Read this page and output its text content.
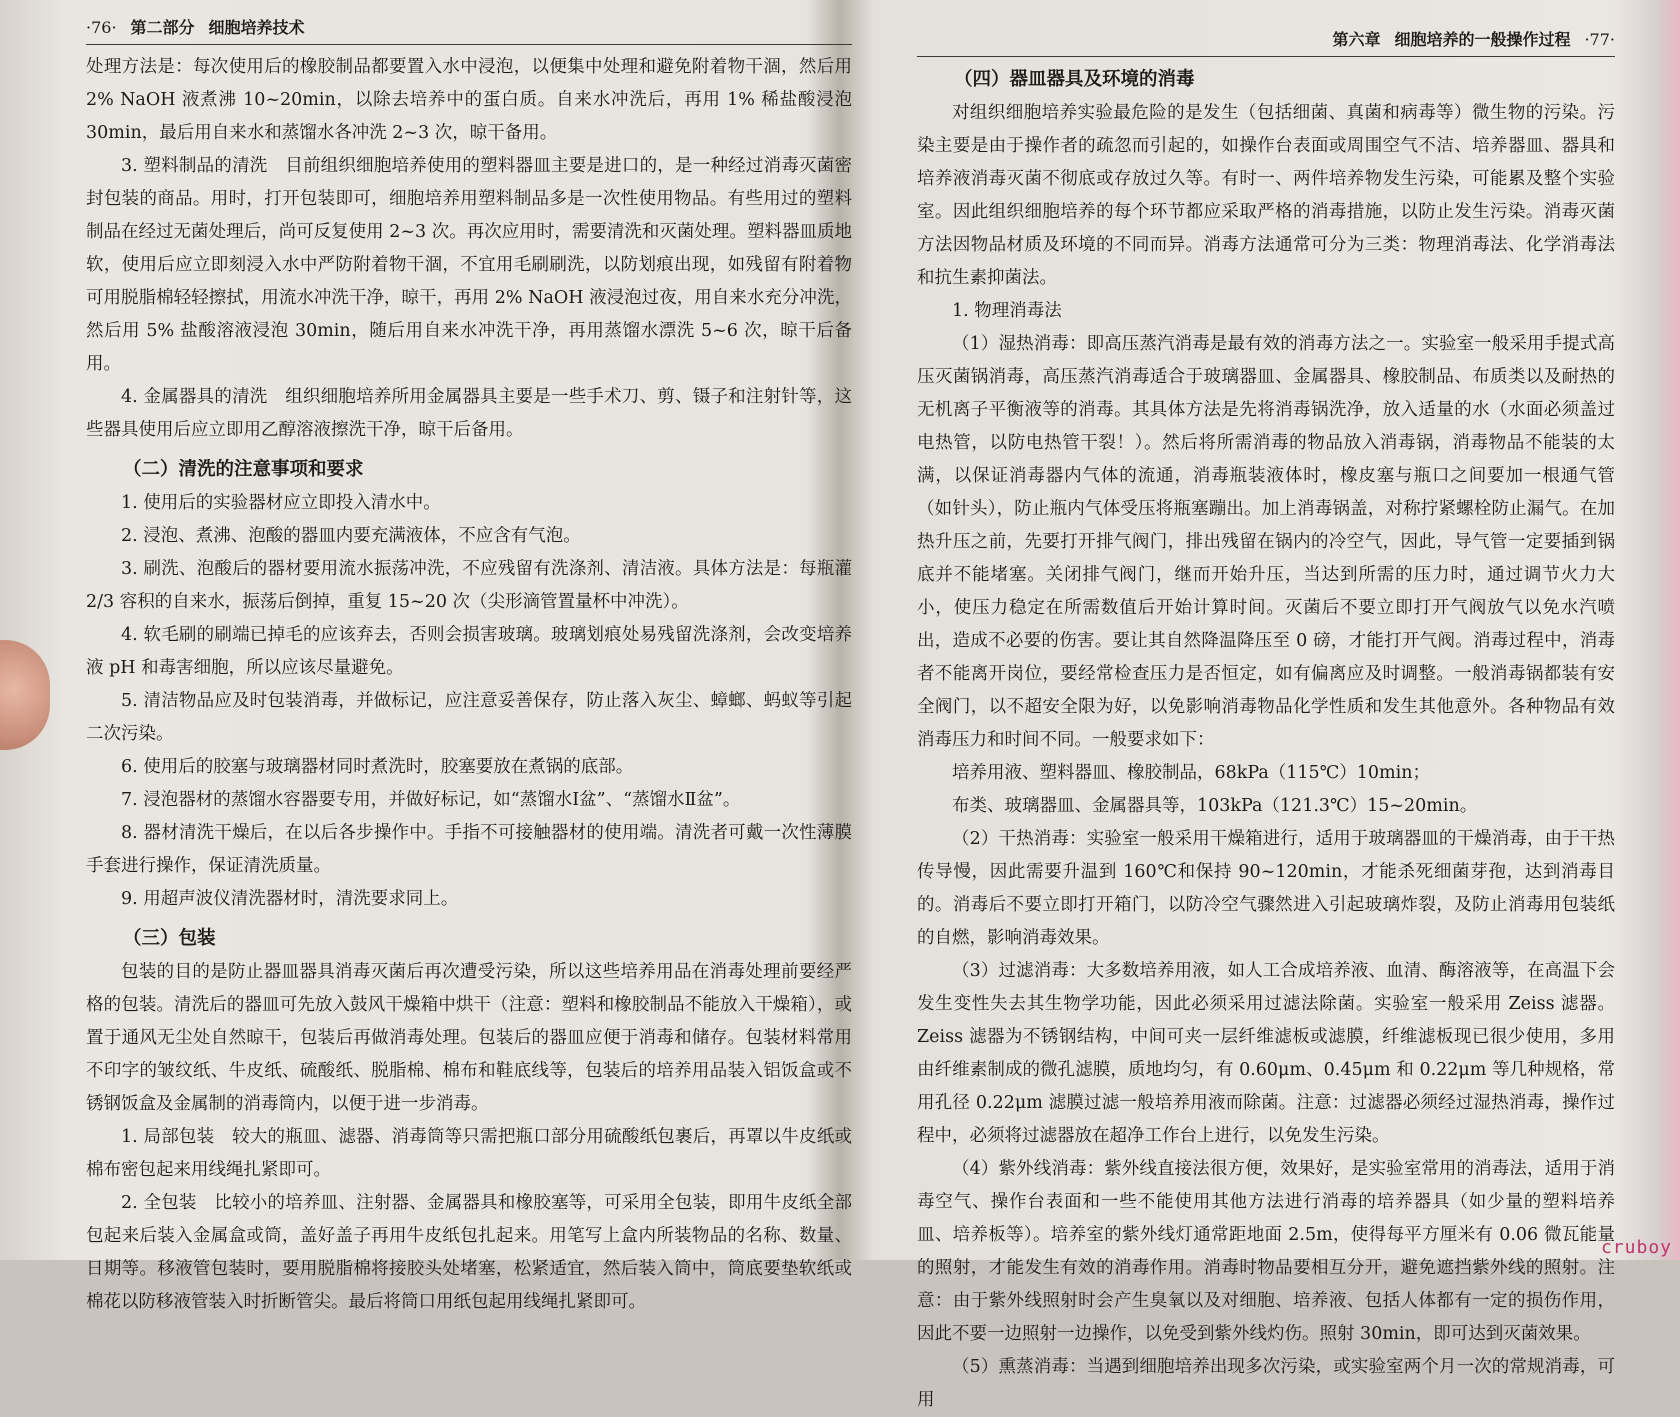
·76· 第二部分 细胞培养技术

处理方法是：每次使用后的橡胶制品都要置入水中浸泡，以便集中处理和避免附着物干涸，然后用 2% NaOH 液煮沸 10~20min，以除去培养中的蛋白质。自来水冲洗后，再用 1% 稀盐酸浸泡 30min，最后用自来水和蒸馏水各冲洗 2~3 次，晾干备用。

3. 塑料制品的清洗　目前组织细胞培养使用的塑料器皿主要是进口的，是一种经过消毒灭菌密封包装的商品。用时，打开包装即可，细胞培养用塑料制品多是一次性使用物品。有些用过的塑料制品在经过无菌处理后，尚可反复使用 2~3 次。再次应用时，需要清洗和灭菌处理。塑料器皿质地软，使用后应立即刻浸入水中严防附着物干涸，不宜用毛刷刷洗，以防划痕出现，如残留有附着物可用脱脂棉轻轻擦拭，用流水冲洗干净，晾干，再用 2% NaOH 液浸泡过夜，用自来水充分冲洗，然后用 5% 盐酸溶液浸泡 30min，随后用自来水冲洗干净，再用蒸馏水漂洗 5~6 次，晾干后备用。

4. 金属器具的清洗　组织细胞培养所用金属器具主要是一些手术刀、剪、镊子和注射针等，这些器具使用后应立即用乙醇溶液擦洗干净，晾干后备用。

（二）清洗的注意事项和要求

1. 使用后的实验器材应立即投入清水中。

2. 浸泡、煮沸、泡酸的器皿内要充满液体，不应含有气泡。

3. 刷洗、泡酸后的器材要用流水振荡冲洗，不应残留有洗涤剂、清洁液。具体方法是：每瓶灌 2/3 容积的自来水，振荡后倒掉，重复 15~20 次（尖形滴管置量杯中冲洗）。

4. 软毛刷的刷端已掉毛的应该弃去，否则会损害玻璃。玻璃划痕处易残留洗涤剂，会改变培养液 pH 和毒害细胞，所以应该尽量避免。

5. 清洁物品应及时包装消毒，并做标记，应注意妥善保存，防止落入灰尘、蟑螂、蚂蚁等引起二次污染。

6. 使用后的胶塞与玻璃器材同时煮洗时，胶塞要放在煮锅的底部。

7. 浸泡器材的蒸馏水容器要专用，并做好标记，如“蒸馏水Ⅰ盆”、“蒸馏水Ⅱ盆”。

8. 器材清洗干燥后，在以后各步操作中。手指不可接触器材的使用端。清洗者可戴一次性薄膜手套进行操作，保证清洗质量。

9. 用超声波仪清洗器材时，清洗要求同上。

（三）包装

包装的目的是防止器皿器具消毒灭菌后再次遭受污染，所以这些培养用品在消毒处理前要经严格的包装。清洗后的器皿可先放入鼓风干燥箱中烘干（注意：塑料和橡胶制品不能放入干燥箱），或置于通风无尘处自然晾干，包装后再做消毒处理。包装后的器皿应便于消毒和储存。包装材料常用不印字的皱纹纸、牛皮纸、硫酸纸、脱脂棉、棉布和鞋底线等，包装后的培养用品装入铝饭盒或不锈钢饭盒及金属制的消毒筒内，以便于进一步消毒。

1. 局部包装　较大的瓶皿、滤器、消毒筒等只需把瓶口部分用硫酸纸包裹后，再罩以牛皮纸或棉布密包起来用线绳扎紧即可。

2. 全包装　比较小的培养皿、注射器、金属器具和橡胶塞等，可采用全包装，即用牛皮纸全部包起来后装入金属盒或筒，盖好盖子再用牛皮纸包扎起来。用笔写上盒内所装物品的名称、数量、日期等。移液管包装时，要用脱脂棉将接胶头处堵塞，松紧适宜，然后装入筒中，筒底要垫软纸或棉花以防移液管装入时折断管尖。最后将筒口用纸包起用线绳扎紧即可。

第六章 细胞培养的一般操作过程 ·77·
（四）器皿器具及环境的消毒

对组织细胞培养实验最危险的是发生（包括细菌、真菌和病毒等）微生物的污染。污染主要是由于操作者的疏忽而引起的，如操作台表面或周围空气不洁、培养器皿、器具和培养液消毒灭菌不彻底或存放过久等。有时一、两件培养物发生污染，可能累及整个实验室。因此组织细胞培养的每个环节都应采取严格的消毒措施，以防止发生污染。消毒灭菌方法因物品材质及环境的不同而异。消毒方法通常可分为三类：物理消毒法、化学消毒法和抗生素抑菌法。

1. 物理消毒法

（1）湿热消毒：即高压蒸汽消毒是最有效的消毒方法之一。实验室一般采用手提式高压灭菌锅消毒，高压蒸汽消毒适合于玻璃器皿、金属器具、橡胶制品、布质类以及耐热的无机离子平衡液等的消毒。其具体方法是先将消毒锅洗净，放入适量的水（水面必须盖过电热管，以防电热管干裂！）。然后将所需消毒的物品放入消毒锅，消毒物品不能装的太满，以保证消毒器内气体的流通，消毒瓶装液体时，橡皮塞与瓶口之间要加一根通气管（如针头），防止瓶内气体受压将瓶塞蹦出。加上消毒锅盖，对称拧紧螺栓防止漏气。在加热升压之前，先要打开排气阀门，排出残留在锅内的冷空气，因此，导气管一定要插到锅底并不能堵塞。关闭排气阀门，继而开始升压，当达到所需的压力时，通过调节火力大小，使压力稳定在所需数值后开始计算时间。灭菌后不要立即打开气阀放气以免水汽喷出，造成不必要的伤害。要让其自然降温降压至 0 磅，才能打开气阀。消毒过程中，消毒者不能离开岗位，要经常检查压力是否恒定，如有偏离应及时调整。一般消毒锅都装有安全阀门，以不超安全限为好，以免影响消毒物品化学性质和发生其他意外。各种物品有效消毒压力和时间不同。一般要求如下：

培养用液、塑料器皿、橡胶制品，68kPa（115℃）10min；

布类、玻璃器皿、金属器具等，103kPa（121.3℃）15~20min。

（2）干热消毒：实验室一般采用干燥箱进行，适用于玻璃器皿的干燥消毒，由于干热传导慢，因此需要升温到 160℃和保持 90~120min，才能杀死细菌芽孢，达到消毒目的。消毒后不要立即打开箱门，以防冷空气骤然进入引起玻璃炸裂，及防止消毒用包装纸的自燃，影响消毒效果。

（3）过滤消毒：大多数培养用液，如人工合成培养液、血清、酶溶液等，在高温下会发生变性失去其生物学功能，因此必须采用过滤法除菌。实验室一般采用 Zeiss 滤器。Zeiss 滤器为不锈钢结构，中间可夹一层纤维滤板或滤膜，纤维滤板现已很少使用，多用由纤维素制成的微孔滤膜，质地均匀，有 0.60μm、0.45μm 和 0.22μm 等几种规格，常用孔径 0.22μm 滤膜过滤一般培养用液而除菌。注意：过滤器必须经过湿热消毒，操作过程中，必须将过滤器放在超净工作台上进行，以免发生污染。

（4）紫外线消毒：紫外线直接法很方便，效果好，是实验室常用的消毒法，适用于消毒空气、操作台表面和一些不能使用其他方法进行消毒的培养器具（如少量的塑料培养皿、培养板等）。培养室的紫外线灯通常距地面 2.5m，使得每平方厘米有 0.06 微瓦能量的照射，才能发生有效的消毒作用。消毒时物品要相互分开，避免遮挡紫外线的照射。注意：由于紫外线照射时会产生臭氧以及对细胞、培养液、包括人体都有一定的损伤作用，因此不要一边照射一边操作，以免受到紫外线灼伤。照射 30min，即可达到灭菌效果。

（5）熏蒸消毒：当遇到细胞培养出现多次污染，或实验室两个月一次的常规消毒，可用

cruboy
